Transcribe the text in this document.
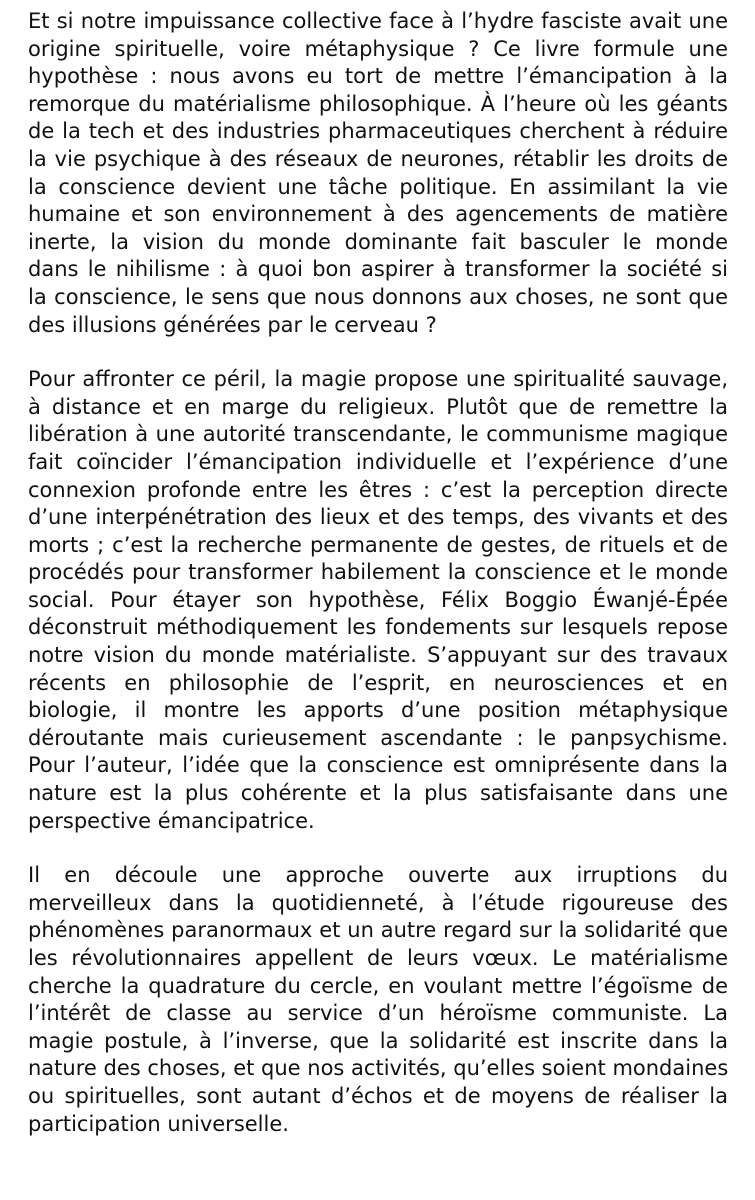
Et si notre impuissance collective face à l’hydre fasciste avait une
origine spirituelle, voire métaphysique ? Ce livre formule une
hypothèse : nous avons eu tort de mettre l’émancipation à la
remorque du matérialisme philosophique. À l’heure où les géants
de la tech et des industries pharmaceutiques cherchent à réduire
la vie psychique à des réseaux de neurones, rétablir les droits de
la conscience devient une tâche politique. En assimilant la vie
humaine et son environnement à des agencements de matière
inerte, la vision du monde dominante fait basculer le monde
dans le nihilisme : à quoi bon aspirer à transformer la société si
la conscience, le sens que nous donnons aux choses, ne sont que
des illusions générées par le cerveau ?
Pour affronter ce péril, la magie propose une spiritualité sauvage,
à distance et en marge du religieux. Plutôt que de remettre la
libération à une autorité transcendante, le communisme magique
fait coïncider l’émancipation individuelle et l’expérience d’une
connexion profonde entre les êtres : c’est la perception directe
d’une interpénétration des lieux et des temps, des vivants et des
morts ; c’est la recherche permanente de gestes, de rituels et de
procédés pour transformer habilement la conscience et le monde
social. Pour étayer son hypothèse, Félix Boggio Éwanjé-Épée
déconstruit méthodiquement les fondements sur lesquels repose
notre vision du monde matérialiste. S’appuyant sur des travaux
récents en philosophie de l’esprit, en neurosciences et en
biologie, il montre les apports d’une position métaphysique
déroutante mais curieusement ascendante : le panpsychisme.
Pour l’auteur, l’idée que la conscience est omniprésente dans la
nature est la plus cohérente et la plus satisfaisante dans une
perspective émancipatrice.
Il en découle une approche ouverte aux irruptions du
merveilleux dans la quotidienneté, à l’étude rigoureuse des
phénomènes paranormaux et un autre regard sur la solidarité que
les révolutionnaires appellent de leurs vœux. Le matérialisme
cherche la quadrature du cercle, en voulant mettre l’égoïsme de
l’intérêt de classe au service d’un héroïsme communiste. La
magie postule, à l’inverse, que la solidarité est inscrite dans la
nature des choses, et que nos activités, qu’elles soient mondaines
ou spirituelles, sont autant d’échos et de moyens de réaliser la
participation universelle.
